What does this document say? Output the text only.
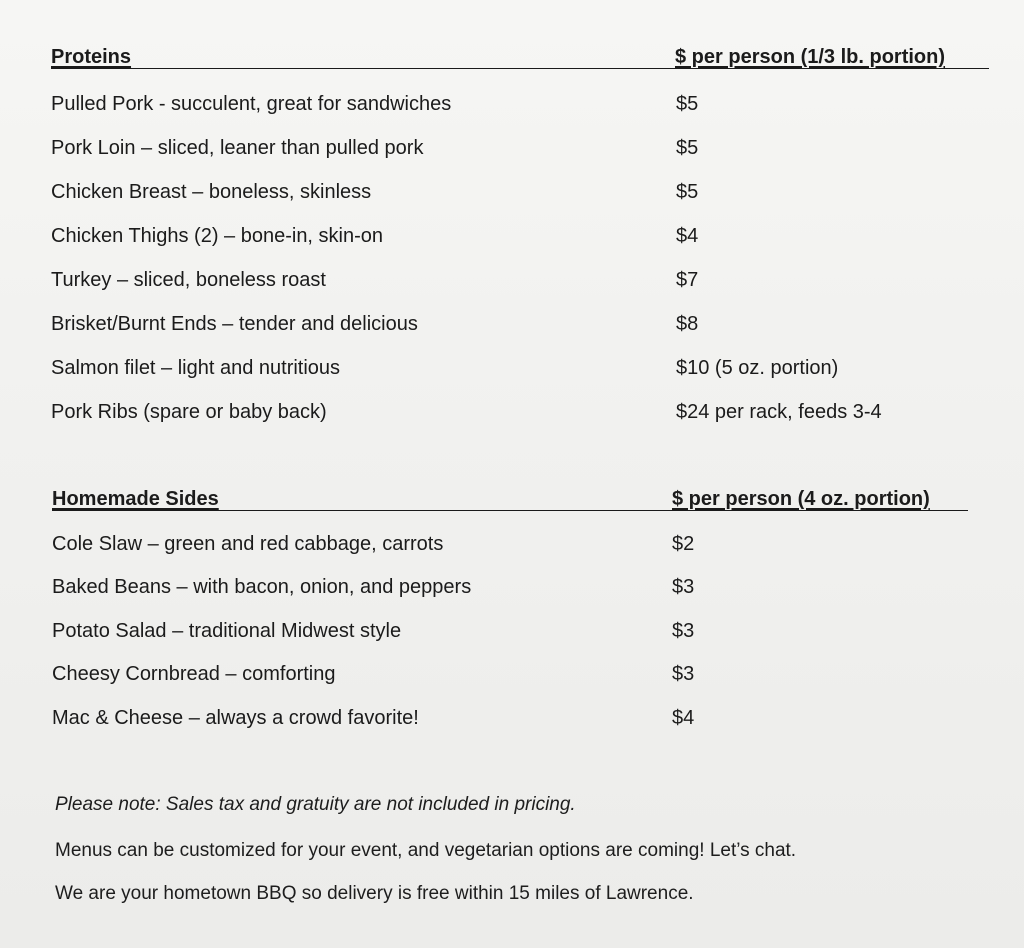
Proteins	$ per person (1/3 lb. portion)
Pulled Pork - succulent, great for sandwiches	$5
Pork Loin – sliced, leaner than pulled pork	$5
Chicken Breast – boneless, skinless	$5
Chicken Thighs (2) – bone-in, skin-on	$4
Turkey – sliced, boneless roast	$7
Brisket/Burnt Ends – tender and delicious	$8
Salmon filet – light and nutritious	$10 (5 oz. portion)
Pork Ribs (spare or baby back)	$24 per rack, feeds 3-4
Homemade Sides	$ per person (4 oz. portion)
Cole Slaw – green and red cabbage, carrots	$2
Baked Beans – with bacon, onion, and peppers	$3
Potato Salad – traditional Midwest style	$3
Cheesy Cornbread – comforting	$3
Mac & Cheese – always a crowd favorite!	$4
Please note: Sales tax and gratuity are not included in pricing.
Menus can be customized for your event, and vegetarian options are coming! Let’s chat.
We are your hometown BBQ so delivery is free within 15 miles of Lawrence.
